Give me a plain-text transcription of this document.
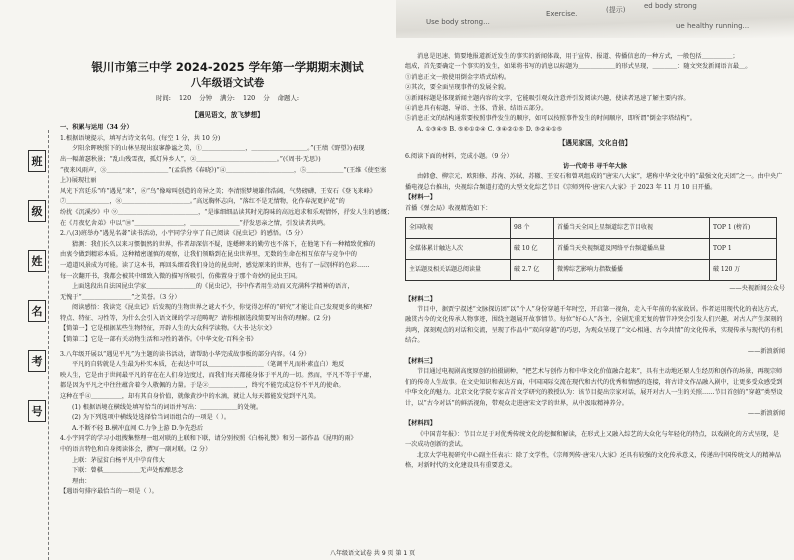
ed body strong
Exercise.	(提示)
Use body strong...	ue healthy running...
班
级
姓
名
考
号
银川市第三中学 2024-2025 学年第一学期期末测试
八年级语文试卷
时间: 120 分钟 满分: 120 分 命题人:
【遇见语文，放飞梦想】

一、积累与运用（34 分）

1.根据语境提示，填写古诗文名句。(每空 1 分，共 10 分)

夕阳余晖映照下的山林呈现出寂寥静谧之美，①＿＿＿＿＿＿＿，＿＿＿＿＿＿＿＿＿。”(王绩《野望》)表现

出一幅萧瑟秋景；“乱山残雪夜，孤灯异乡人”，②＿＿＿＿＿＿＿＿＿＿＿＿＿。”(《周书·无思》)

“夜来风雨声，③＿＿＿＿＿＿＿＿＿＿”(孟浩然《春晓》)“④＿＿＿＿＿＿＿＿＿＿＿，⑤＿＿＿＿＿＿”(王维《使至塞上》)展现壮丽

风光下宫廷乐“昨”遇见“来”，⑥“鸟”像啼叫创造的奇异之美；李清照梦境雄伟浩阔，气势磅礴，王安石《登飞来峰》

⑦＿＿＿＿＿＿＿，⑧＿＿＿＿＿＿＿＿＿＿＿。”高远胸怀志向，“落红不是无情物，化作春泥更护花”的

纷扰《沉溪沙》中 ⑨＿＿＿＿＿＿＿＿＿＿＿＿＿，“是谁细细品读其时光韵味的高远追求和乐观情怀，抒发人生的感慨；

在《月夜忆舍弟》中以“⑩“＿＿＿＿＿＿＿＿，＿＿＿＿＿＿＿＿”抒发思亲之情，引发读者共鸣。

2.八(3)班举办“遇见名著”读书活动，小宇同学分享了自己阅读《昆虫记》的感悟。（5 分）

猜测：我们长久以来习惯偶然的世界，作者却深信不疑，连蟋蟀来的勤劳也不落下，在他笔下有一种精致优雅的

由衷令做到精彩本质。这种精密谨慎的观察，让我们领略到在昆虫世界里，无数的生命在相互依存与竞争中的

一道道风景成为可能。读了这本书，再回头细看我们身边的昆虫时，感觉原来的世界，也有了一层别样的色彩……

每一次翻开书，我都会被其中细致入微的描写所吸引，仿佛置身于那个奇妙的昆虫王国。

上面选段出自法国昆虫学家＿＿＿＿＿＿＿＿的《昆虫记》，书中作者用生动而又充满科学精神的语言，

无愧于“＿＿＿＿＿＿＿＿”之美誉。（3 分）

阅读感悟：我读完《昆虫记》后发现的生物世界之谜大不少，你觉得怎样的“研究”才能让自己发现更多的奥秘？

特点、特征、习性等，为什么会引入语文课的学习范畴呢？请你根据选段简要写出你的理解。(2 分)

【简第一】它是根据某些生物特征，开辟人生的大众科学读物。《大书·达尔文》

【简第二】它是一部有关动物生活和习性的著作。《中华文化·百科全书》

3.八年级开展以“遇见平凡”为主题的读书活动，请帮助小华完成故事板的部分内容。（4 分）

平凡的自转就是人生最为朴实本质，在表达中可以＿＿＿＿＿＿＿＿＿（笔调平凡而朴素直白）地反

映人生，它是由于世间最平凡的存在在人们身边度过，而我们每天都能身体于平凡的一切。然而，平凡不等于平庸，

都是因为平凡之中往往蕴含着令人敬佩的力量。于是②＿＿＿＿＿＿，终究不能完成这份不平凡的使命。

这种在乎④＿＿＿＿＿，却有其自身价值，就像黄沙中的水滴，就让人每天都能发觉到平凡美。

(1) 根据语境在横线处填写恰当的词语并写出：＿＿＿＿＿＿的处境。

(2) 为下列选项中横线处选择恰当词语组合的一项是（ ）。

A.不断不轻 B.横冲直闯 C.力争上游 D.争先恐后

4.小宇同学的学习小组搜集整理一组对联的上联和下联，请分别按照《白杨礼赞》和另一部作品《昆明的雨》

中的语言特色和自身阅读体会，撰写一副对联。（2 分）

上联：茅屋贫白杨平凡中孕育伟大

下联：曾棋＿＿＿＿＿＿无声处酝酿思念

理由：

【遇语句排序最恰当的一项是（ ）。

消息是迅速、简要地报道新近发生的事实的新闻体裁，用于宣传、报道、传播信息的一种方式，一般包括＿＿＿＿＿；

组成，首先要确定一个事实的发生，如果将书写的消息以标题为＿＿＿＿＿＿的形式呈现，＿＿＿＿：随文突发新闻语言最＿。

①消息正文一般使用倒金字塔式结构。

②其次，要全面呈现事件的发展全貌。

③新闻标题是体现新闻主题内容的文字，它能吸引观众注意并引发阅读兴趣，使读者迅速了解主要内容。

④消息具有标题、导语、主体、背景、结语五部分。

⑤消息正文的结构通常要按照事件发生的顺序，如可以按照事件发生的时间顺序，即所谓“倒金字塔结构”。

A. ①③④⑤ B. ⑤⑥①②④ C. ③④②①⑤ D. ③②④①⑤

【遇见家国，文化自信】

6.阅读下面的材料，完成小题。（9 分）

访一代奇书 寻千年大脉

由韩愈、柳宗元、欧阳修、苏洵、苏轼、苏辙、王安石和曾巩组成的“唐宋八大家”，堪称中华文化中的“最强文化天团”之一。由中央广播电视总台推出，央视综合频道打造的大型文化综艺节目《宗师列传·唐宋八大家》于 2023 年 11 月 10 日开播。

【材料一】

首播《弹会局》收视精选如下：

全国收视	98 个	首播当天全国上星频道综艺节目收视	TOP 1 (榜首)
全媒体累计触达人次	破 10 亿	首播当天央视频道及网络平台频道播出量	TOP 1
主话题及相关话题总阅读量	破 2.7 亿	微博综艺影响力指数播播	破 120 万

——央视新闻公众号

【材料二】

节目中，据贾宁叔述“文脉探访团”以“个人”身份穿越千年时空，开启第一视角，走入千年前的名家故居。作者运用现代化的表达方式，融贯古今的文化传承人物事迹，围绕主题展开故事情节。每位“好心人”各主，全剧无重无复的情节冲突会引发人们兴趣，对古人产生深刻的共鸣，深刻观点的对话和交流，呈现了作品中“双向穿越”的巧思，为观众呈现了“文心相通、古今共情”的文化传承，实现传承与现代的有机结合。

——新浪新闻

【材料三】

节目通过电视剧高度原创的拍摄剧种，“把艺术与创作力和中华文化价值融合起来”，具有主动地还原人生经历和创作的场景，再现宗师们的传奇人生故事。在文史知识和表达方面，中国国际交流在现代和古代的优秀和情感的连接，将古诗文作品融入剧中，让更多受众感受到中华文化的魅力。北京文化学院专家吉首文学研究的教授认为：该节目提出宗家对话，展开对古人一生的关照……节目首创的“穿越”类型设计，以“古今对话”的鲜活视角，带观众走进唐宋文学的世界，从中汲取精神养分。

——新浪新闻

【材料四】

《中国青年报》：节目立足于对优秀传统文化的挖掘和解读，在形式上又融入综艺的大众化与年轻化的特点，以戏剧化的方式呈现，是一次成功创新的尝试。

北京大学电视研究中心副主任表示：除了文学性，《宗师列传·唐宋八大家》还具有较强的文化传承意义，传递出中国传统文人的精神品格，对新时代的文化建设具有重要意义。

八年级语文试卷 共 9 页 第 1 页
